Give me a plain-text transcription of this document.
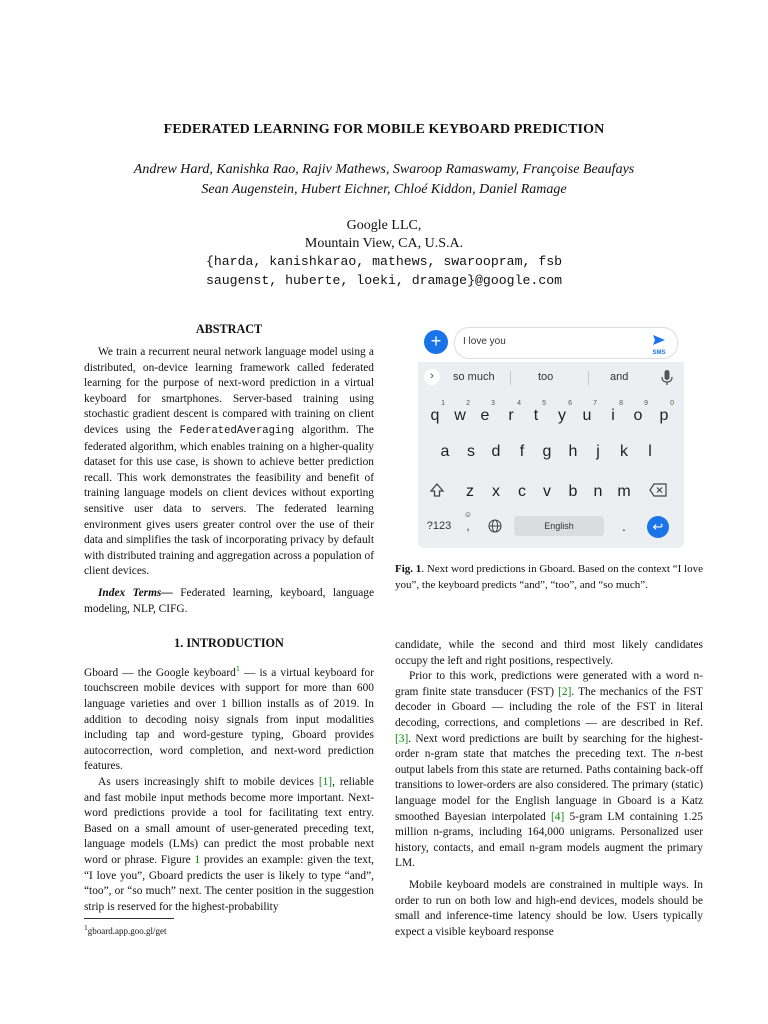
FEDERATED LEARNING FOR MOBILE KEYBOARD PREDICTION
Andrew Hard, Kanishka Rao, Rajiv Mathews, Swaroop Ramaswamy, Françoise Beaufays
Sean Augenstein, Hubert Eichner, Chloé Kiddon, Daniel Ramage
Google LLC,
Mountain View, CA, U.S.A.
{harda, kanishkarao, mathews, swaroopram, fsb
saugenst, huberte, loeki, dramage}@google.com
ABSTRACT

We train a recurrent neural network language model using a distributed, on-device learning framework called federated learning for the purpose of next-word prediction in a virtual keyboard for smartphones. Server-based training using stochastic gradient descent is compared with training on client devices using the FederatedAveraging algorithm. The federated algorithm, which enables training on a higher-quality dataset for this use case, is shown to achieve better prediction recall. This work demonstrates the feasibility and benefit of training language models on client devices without exporting sensitive user data to servers. The federated learning environment gives users greater control over the use of their data and simplifies the task of incorporating privacy by default with distributed training and aggregation across a population of client devices.

Index Terms— Federated learning, keyboard, language modeling, NLP, CIFG.

1. INTRODUCTION

Gboard — the Google keyboard$^1$ — is a virtual keyboard for touchscreen mobile devices with support for more than 600 language varieties and over 1 billion installs as of 2019. In addition to decoding noisy signals from input modalities including tap and word-gesture typing, Gboard provides autocorrection, word completion, and next-word prediction features.

As users increasingly shift to mobile devices [1], reliable and fast mobile input methods become more important. Next-word predictions provide a tool for facilitating text entry. Based on a small amount of user-generated preceding text, language models (LMs) can predict the most probable next word or phrase. Figure 1 provides an example: given the text, “I love you”, Gboard predicts the user is likely to type “and”, “too”, or “so much” next. The center position in the suggestion strip is reserved for the highest-probability

$^1$gboard.app.goo.gl/get
+	I love you
SMS
›	so much	too	and
1
q
2
w
3
e
4
r
5
t
6
y
7
u
8
i
9
o
0
p
a	s	d	f	g	h	j	k	l
z	x	c	v	b	n m
?123
☺
,	English	.	↩
Fig. 1. Next word predictions in Gboard. Based on the context “I love you”, the keyboard predicts “and”, “too”, and “so much”.

candidate, while the second and third most likely candidates occupy the left and right positions, respectively.

Prior to this work, predictions were generated with a word n-gram finite state transducer (FST) [2]. The mechanics of the FST decoder in Gboard — including the role of the FST in literal decoding, corrections, and completions — are described in Ref. [3]. Next word predictions are built by searching for the highest-order n-gram state that matches the preceding text. The n-best output labels from this state are returned. Paths containing back-off transitions to lower-orders are also considered. The primary (static) language model for the English language in Gboard is a Katz smoothed Bayesian interpolated [4] 5-gram LM containing 1.25 million n-grams, including 164,000 unigrams. Personalized user history, contacts, and email n-gram models augment the primary LM.

Mobile keyboard models are constrained in multiple ways. In order to run on both low and high-end devices, models should be small and inference-time latency should be low. Users typically expect a visible keyboard response
